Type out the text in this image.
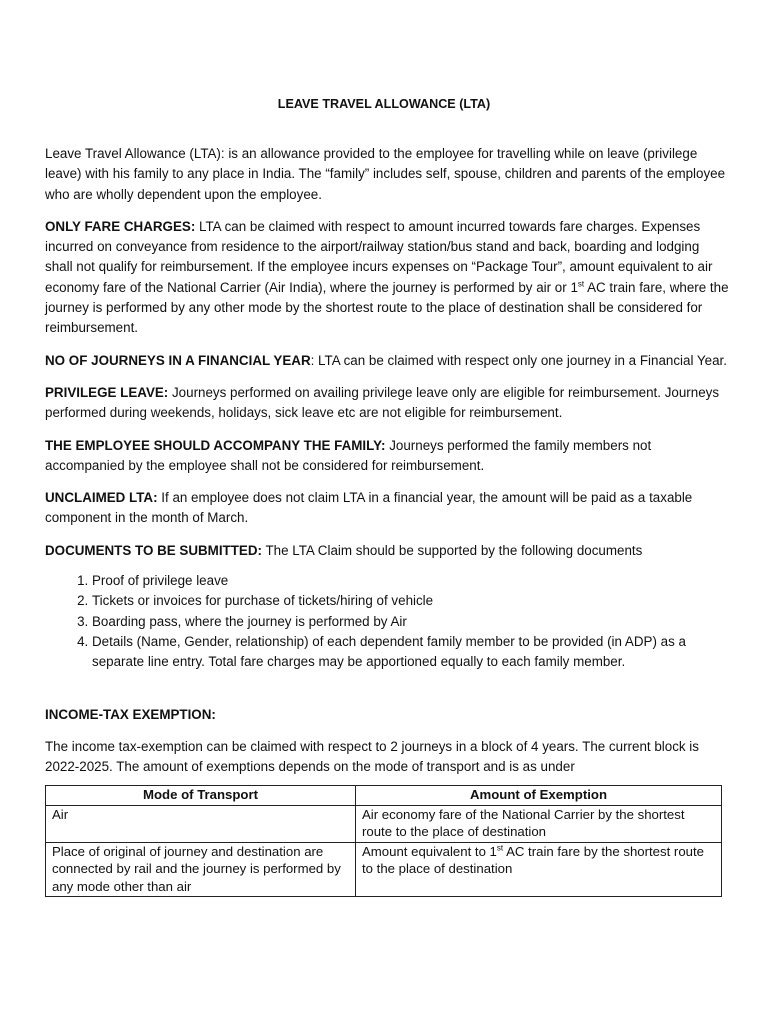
LEAVE TRAVEL ALLOWANCE (LTA)

Leave Travel Allowance (LTA): is an allowance provided to the employee for travelling while on leave (privilege leave) with his family to any place in India. The “family” includes self, spouse, children and parents of the employee who are wholly dependent upon the employee.

ONLY FARE CHARGES: LTA can be claimed with respect to amount incurred towards fare charges. Expenses incurred on conveyance from residence to the airport/railway station/bus stand and back, boarding and lodging shall not qualify for reimbursement. If the employee incurs expenses on “Package Tour”, amount equivalent to air economy fare of the National Carrier (Air India), where the journey is performed by air or 1st AC train fare, where the journey is performed by any other mode by the shortest route to the place of destination shall be considered for reimbursement.

NO OF JOURNEYS IN A FINANCIAL YEAR: LTA can be claimed with respect only one journey in a Financial Year.

PRIVILEGE LEAVE: Journeys performed on availing privilege leave only are eligible for reimbursement. Journeys performed during weekends, holidays, sick leave etc are not eligible for reimbursement.

THE EMPLOYEE SHOULD ACCOMPANY THE FAMILY: Journeys performed the family members not accompanied by the employee shall not be considered for reimbursement.

UNCLAIMED LTA: If an employee does not claim LTA in a financial year, the amount will be paid as a taxable component in the month of March.

DOCUMENTS TO BE SUBMITTED: The LTA Claim should be supported by the following documents

1. Proof of privilege leave
2. Tickets or invoices for purchase of tickets/hiring of vehicle
3. Boarding pass, where the journey is performed by Air
4. Details (Name, Gender, relationship) of each dependent family member to be provided (in ADP) as a separate line entry. Total fare charges may be apportioned equally to each family member.

INCOME-TAX EXEMPTION:

The income tax-exemption can be claimed with respect to 2 journeys in a block of 4 years. The current block is 2022-2025. The amount of exemptions depends on the mode of transport and is as under

Mode of Transport	Amount of Exemption
Air	Air economy fare of the National Carrier by the shortest route to the place of destination
Place of original of journey and destination are connected by rail and the journey is performed by any mode other than air	Amount equivalent to 1st AC train fare by the shortest route to the place of destination
